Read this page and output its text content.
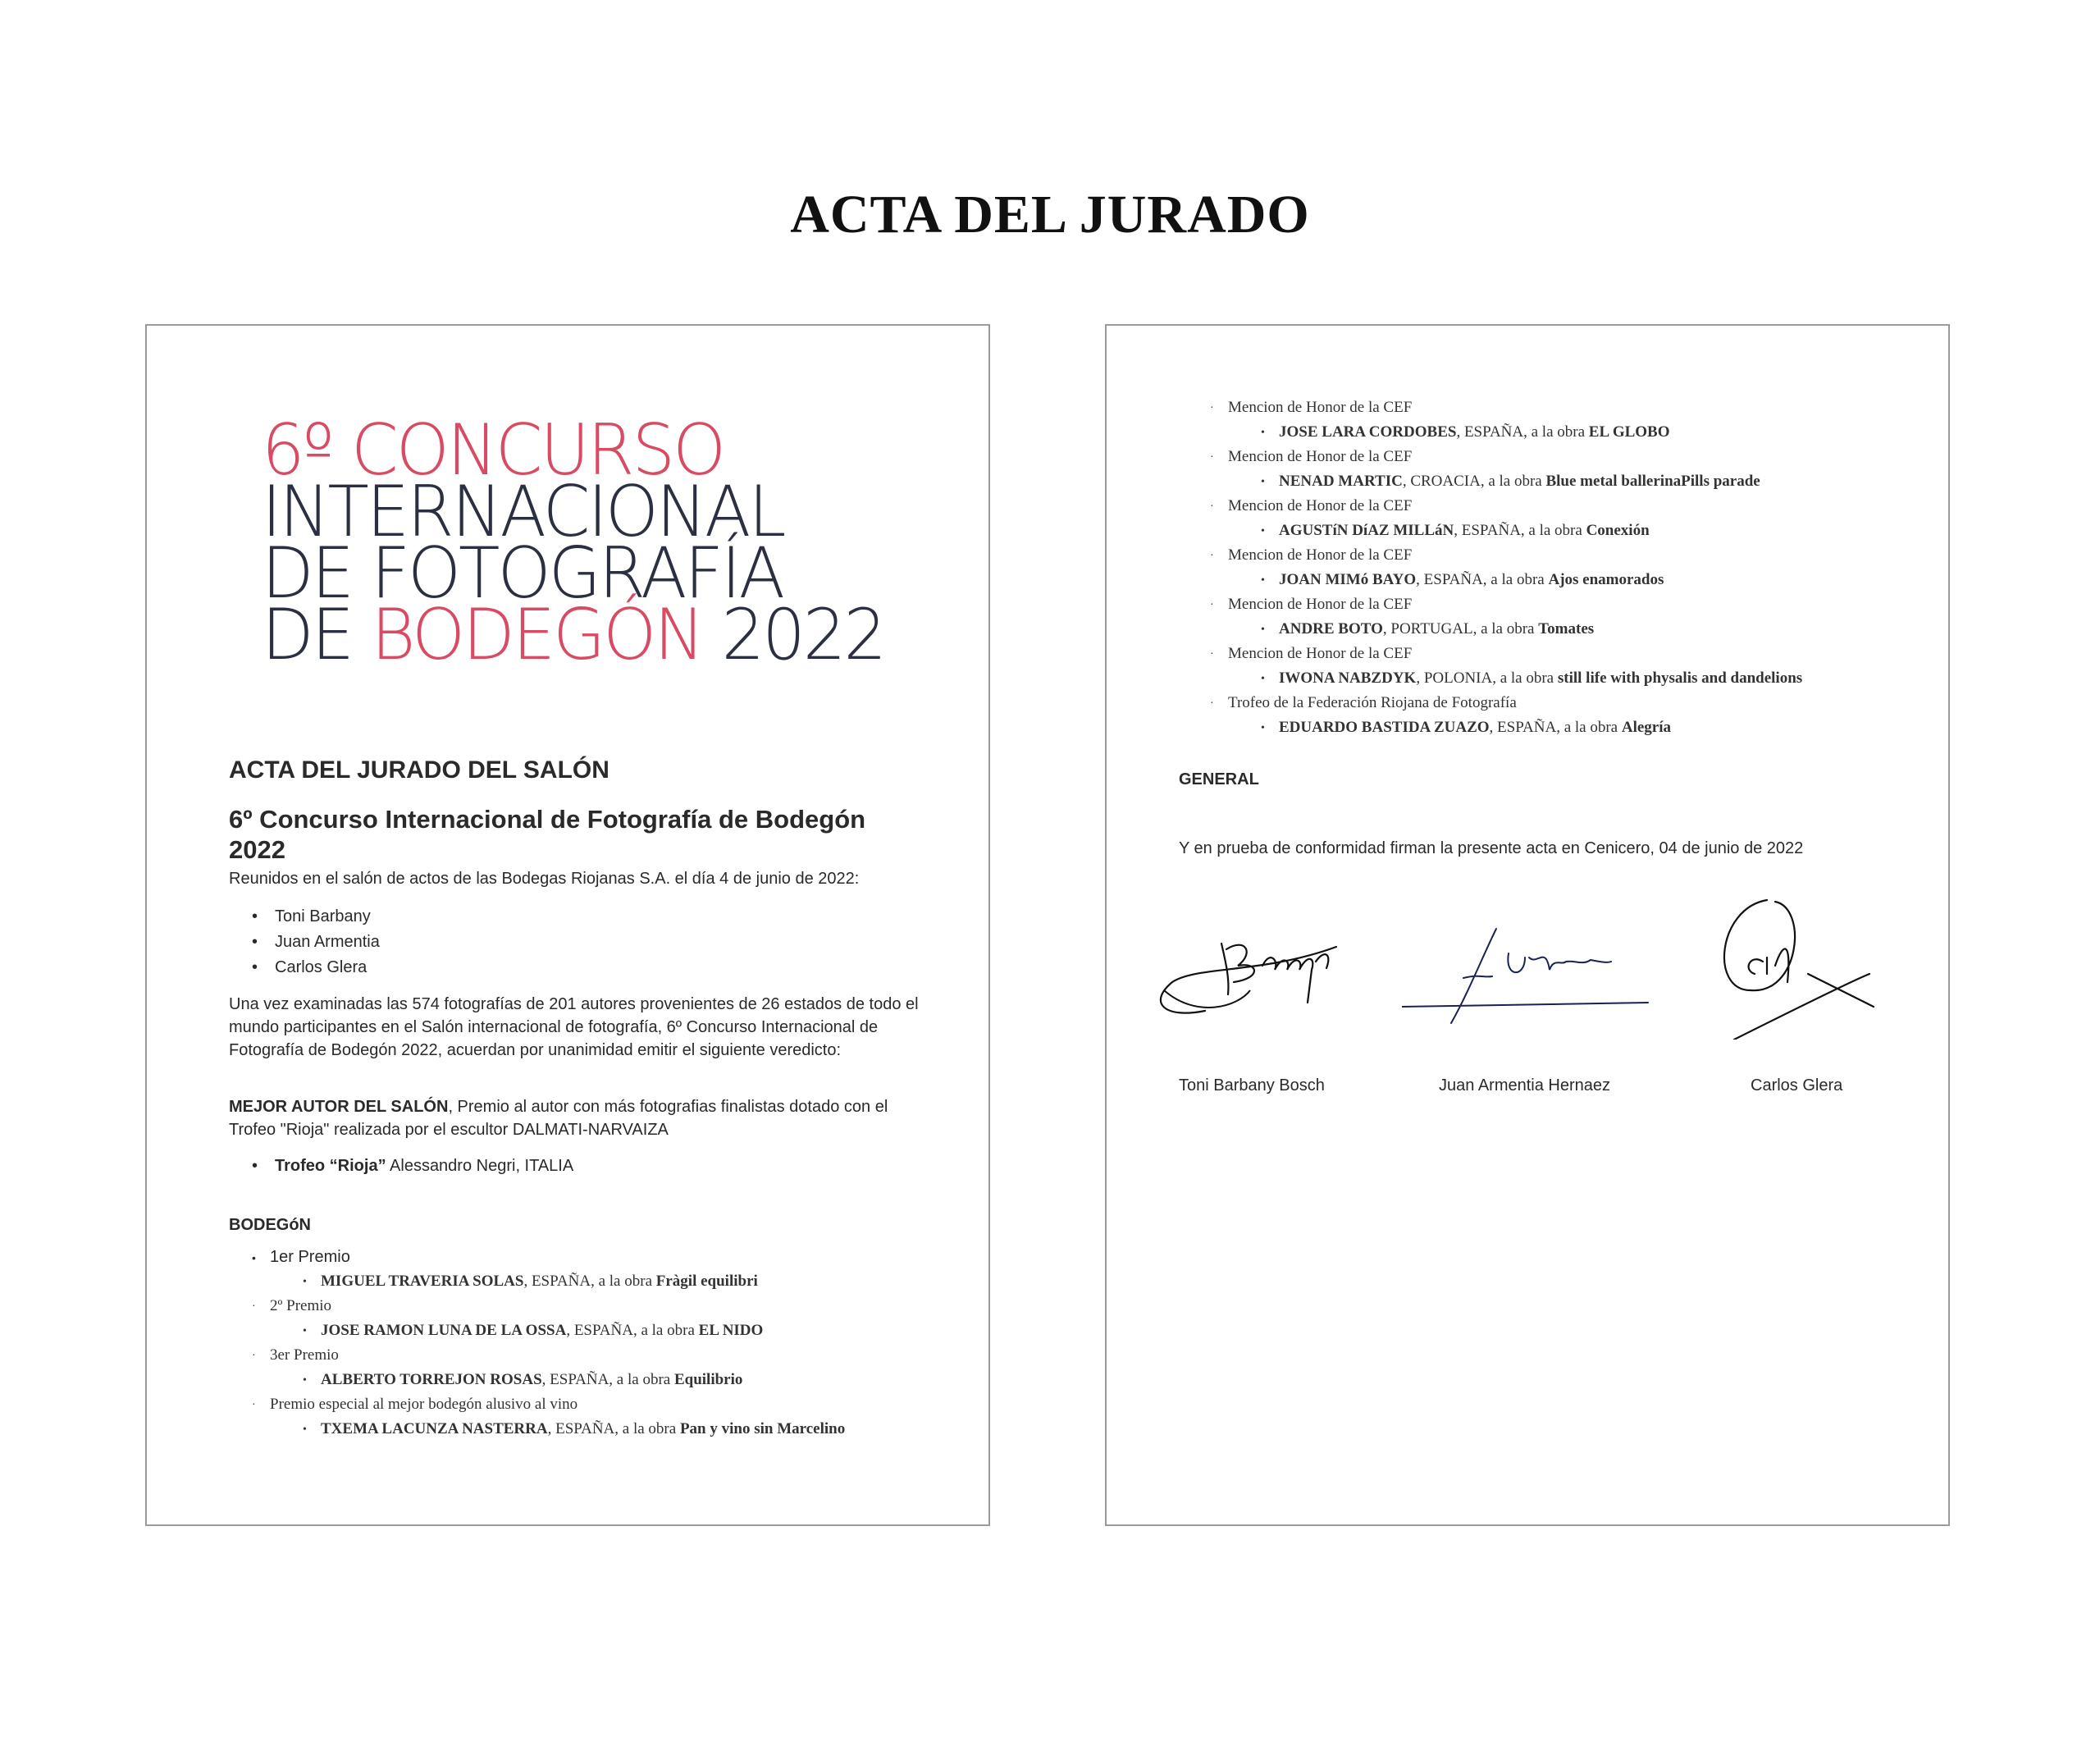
ACTA DEL JURADO
6º CONCURSO
INTERNACIONAL
DE FOTOGRAFÍA
DE BODEGÓN 2022
ACTA DEL JURADO DEL SALÓN
6º Concurso Internacional de Fotografía de Bodegón 2022
Reunidos en el salón de actos de las Bodegas Riojanas S.A. el día 4 de junio de 2022:
• Toni Barbany
• Juan Armentia
• Carlos Glera
Una vez examinadas las 574 fotografías de 201 autores provenientes de 26 estados de todo el mundo participantes en el Salón internacional de fotografía, 6º Concurso Internacional de Fotografía de Bodegón 2022, acuerdan por unanimidad emitir el siguiente veredicto:
MEJOR AUTOR DEL SALÓN, Premio al autor con más fotografias finalistas dotado con el Trofeo "Rioja" realizada por el escultor DALMATI-NARVAIZA
• Trofeo “Rioja” Alessandro Negri, ITALIA
BODEGóN
• 1er Premio
• MIGUEL TRAVERIA SOLAS, ESPAÑA, a la obra Fràgil equilibri
· 2º Premio
• JOSE RAMON LUNA DE LA OSSA, ESPAÑA, a la obra EL NIDO
· 3er Premio
• ALBERTO TORREJON ROSAS, ESPAÑA, a la obra Equilibrio
· Premio especial al mejor bodegón alusivo al vino
• TXEMA LACUNZA NASTERRA, ESPAÑA, a la obra Pan y vino sin Marcelino
· Mencion de Honor de la CEF
• JOSE LARA CORDOBES, ESPAÑA, a la obra EL GLOBO
· Mencion de Honor de la CEF
• NENAD MARTIC, CROACIA, a la obra Blue metal ballerinaPills parade
· Mencion de Honor de la CEF
• AGUSTíN DíAZ MILLáN, ESPAÑA, a la obra Conexión
· Mencion de Honor de la CEF
• JOAN MIMó BAYO, ESPAÑA, a la obra Ajos enamorados
· Mencion de Honor de la CEF
• ANDRE BOTO, PORTUGAL, a la obra Tomates
· Mencion de Honor de la CEF
• IWONA NABZDYK, POLONIA, a la obra still life with physalis and dandelions
· Trofeo de la Federación Riojana de Fotografía
• EDUARDO BASTIDA ZUAZO, ESPAÑA, a la obra Alegría
GENERAL
Y en prueba de conformidad firman la presente acta en Cenicero, 04 de junio de 2022
Toni Barbany Bosch	Juan Armentia Hernaez	Carlos Glera
